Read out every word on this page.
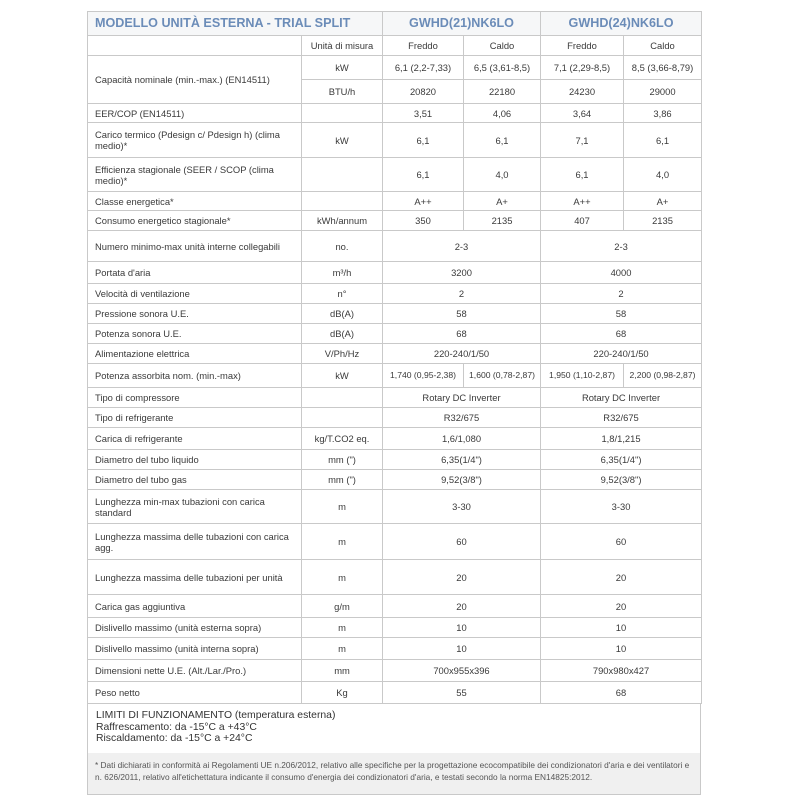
MODELLO UNITÀ ESTERNA - TRIAL SPLIT		GWHD(21)NK6LO		GWHD(24)NK6LO	
	Unità di misura	Freddo	Caldo	Freddo	Caldo
Capacità nominale (min.-max.) (EN14511)	kW	6,1 (2,2-7,33)	6,5 (3,61-8,5)	7,1 (2,29-8,5)	8,5 (3,66-8,79)
	BTU/h	20820	22180	24230	29000
EER/COP (EN14511)		3,51	4,06	3,64	3,86
Carico termico (Pdesign c/ Pdesign h) (clima medio)*	kW	6,1	6,1	7,1	6,1
Efficienza stagionale (SEER / SCOP (clima medio)*		6,1	4,0	6,1	4,0
Classe energetica*		A++	A+	A++	A+
Consumo energetico stagionale*	kWh/annum	350	2135	407	2135
Numero minimo-max unità interne collegabili	no.	2-3		2-3	
Portata d'aria	m³/h	3200		4000	
Velocità di ventilazione	n°	2		2	
Pressione sonora U.E.	dB(A)	58		58	
Potenza sonora U.E.	dB(A)	68		68	
Alimentazione elettrica	V/Ph/Hz	220-240/1/50		220-240/1/50	
Potenza assorbita nom. (min.-max)	kW	1,740 (0,95-2,38)	1,600 (0,78-2,87)	1,950 (1,10-2,87)	2,200 (0,98-2,87)
Tipo di compressore		Rotary DC Inverter		Rotary DC Inverter	
Tipo di refrigerante		R32/675		R32/675	
Carica di refrigerante	kg/T.CO2 eq.	1,6/1,080		1,8/1,215	
Diametro del tubo liquido	mm (")	6,35(1/4")		6,35(1/4")	
Diametro del tubo gas	mm (")	9,52(3/8")		9,52(3/8")	
Lunghezza min-max tubazioni con carica standard	m	3-30		3-30	
Lunghezza massima delle tubazioni con carica agg.	m	60		60	
Lunghezza massima delle tubazioni per unità	m	20		20	
Carica gas aggiuntiva	g/m	20		20	
Dislivello massimo (unità esterna sopra)	m	10		10	
Dislivello massimo (unità interna sopra)	m	10		10	
Dimensioni nette U.E. (Alt./Lar./Pro.)	mm	700x955x396		790x980x427	
Peso netto	Kg	55		68	
LIMITI DI FUNZIONAMENTO (temperatura esterna)
Raffrescamento: da -15°C a +43°C
Riscaldamento: da -15°C a +24°C
* Dati dichiarati in conformità ai Regolamenti UE n.206/2012, relativo alle specifiche per la progettazione ecocompatibile dei condizionatori d'aria e dei ventilatori e n. 626/2011, relativo all'etichettatura indicante il consumo d'energia dei condizionatori d'aria, e testati secondo la norma EN14825:2012.
